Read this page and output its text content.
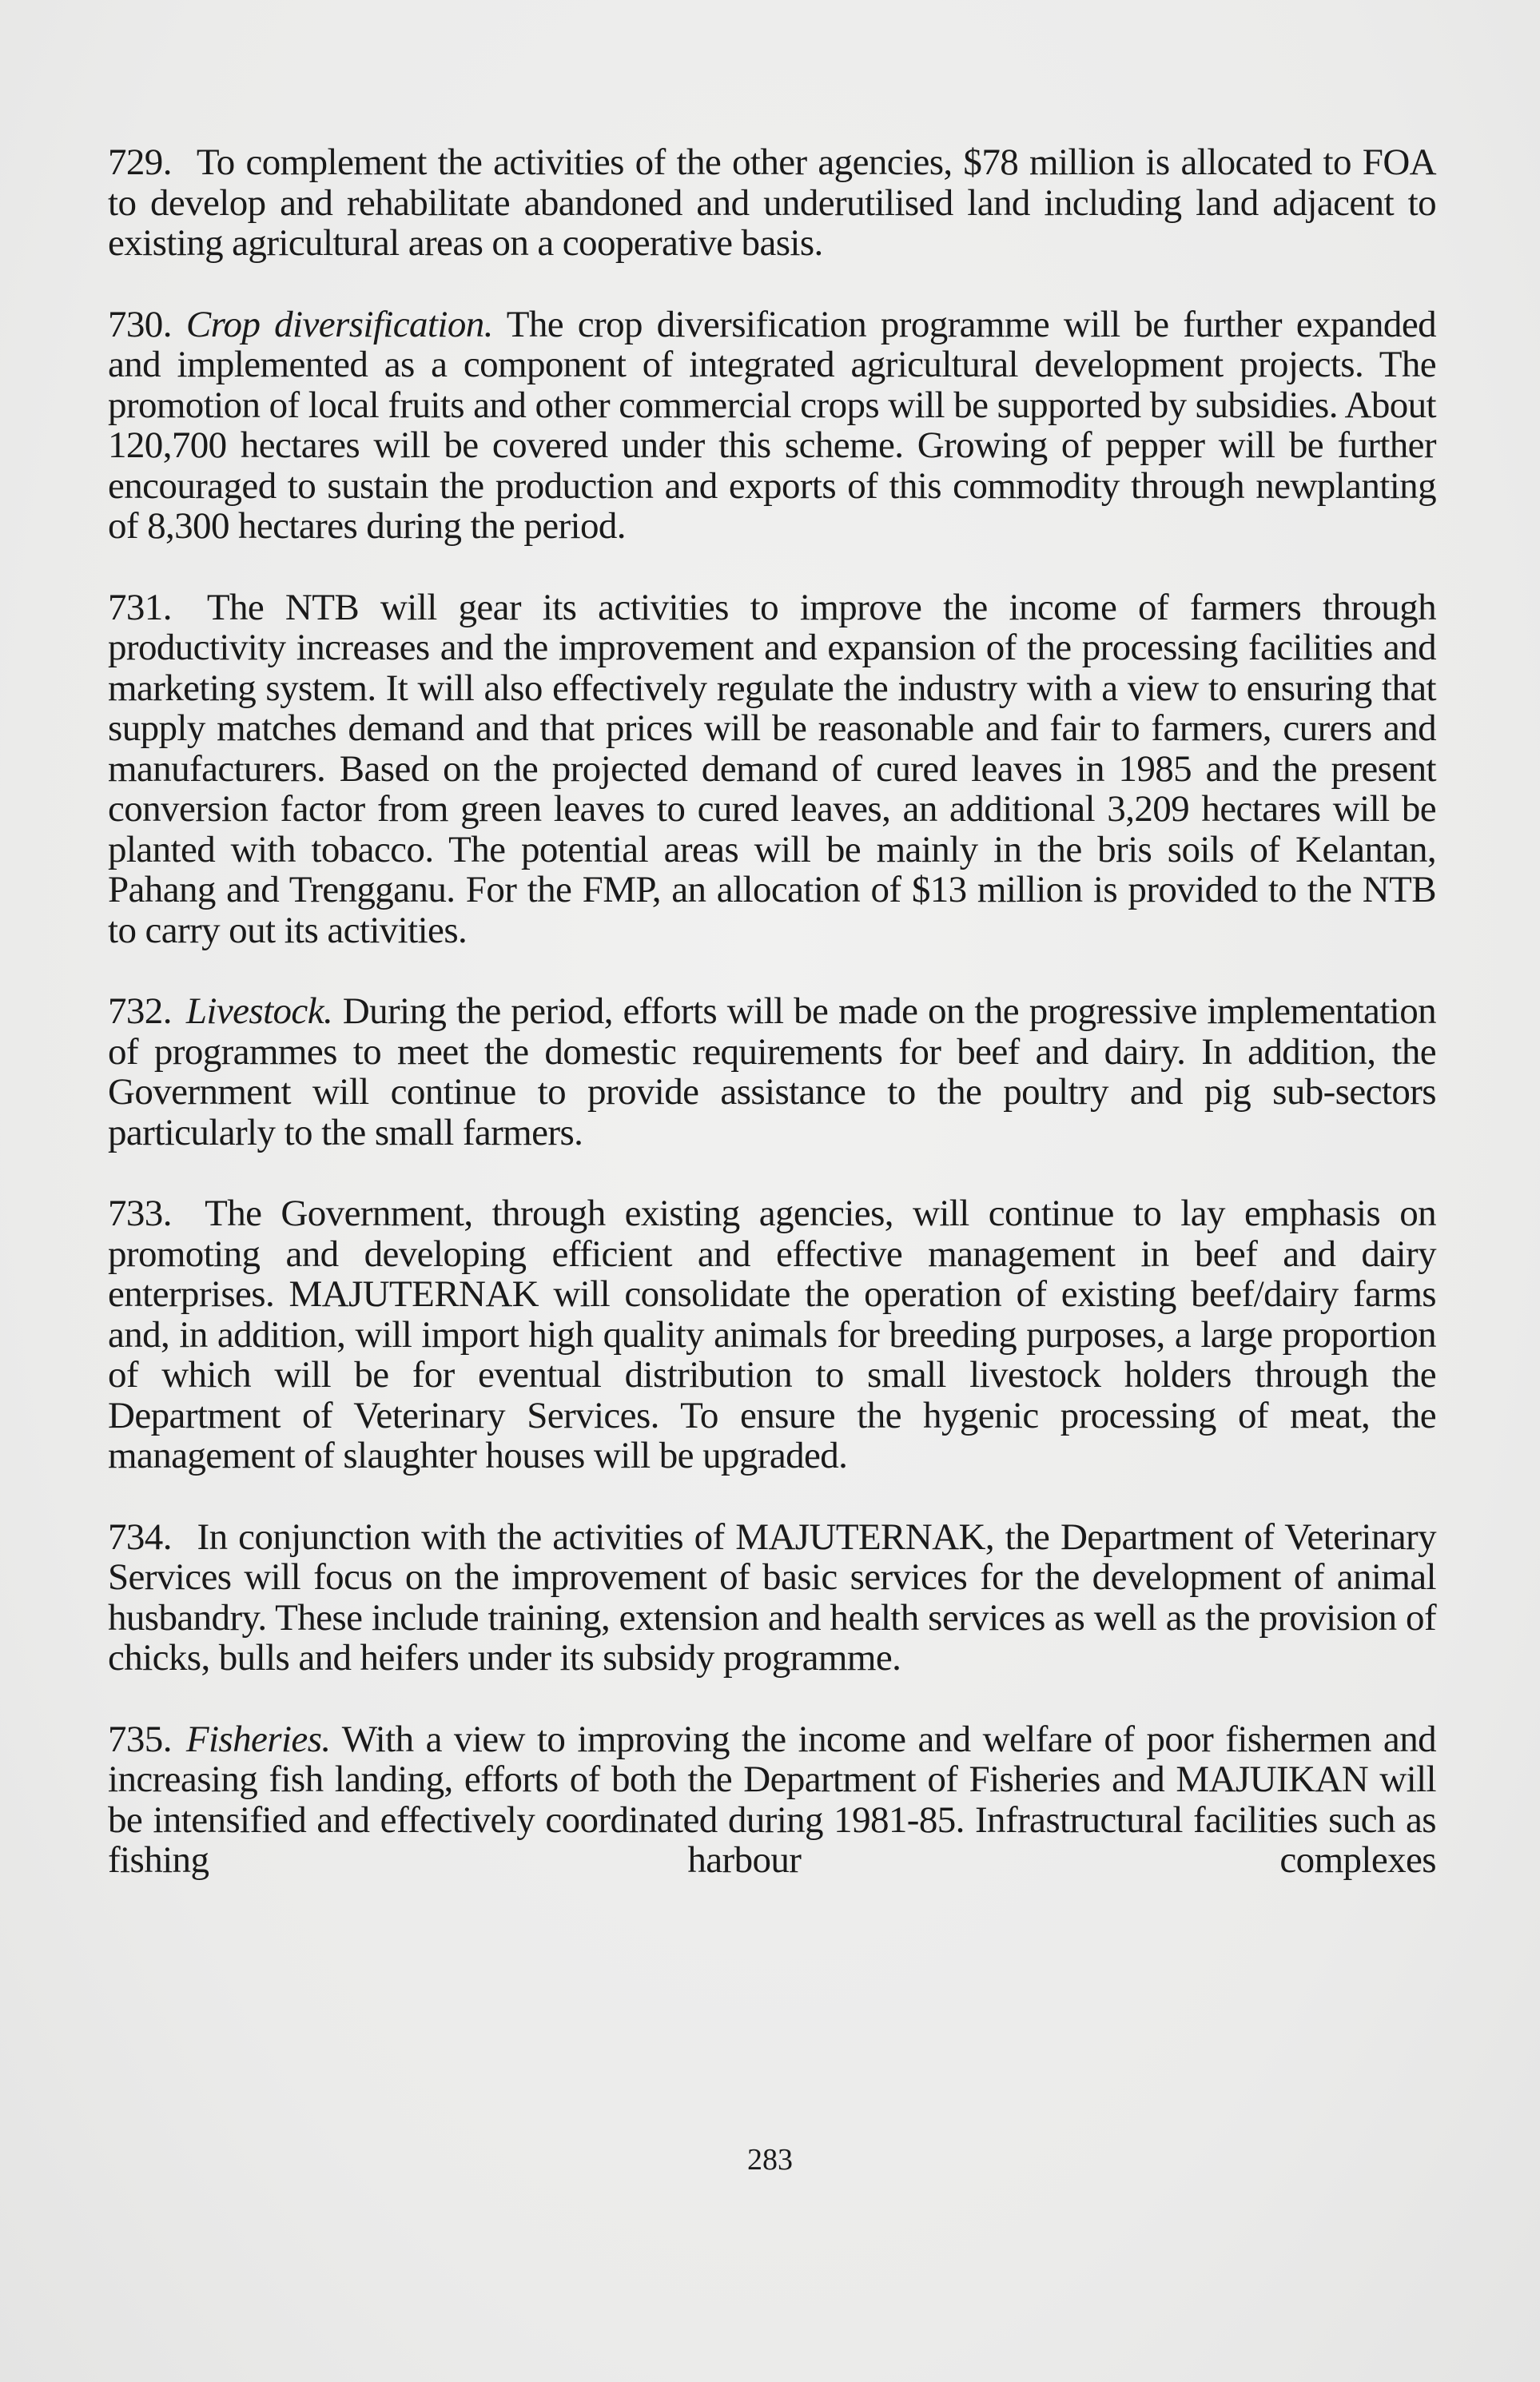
729. To complement the activities of the other agencies, $78 million is allocated to FOA to develop and rehabilitate abandoned and underutilised land including land adjacent to existing agricultural areas on a cooperative basis.

730. Crop diversification. The crop diversification programme will be further expanded and implemented as a component of integrated agricultural development projects. The promotion of local fruits and other commercial crops will be supported by subsidies. About 120,700 hectares will be covered under this scheme. Growing of pepper will be further encouraged to sustain the production and exports of this commodity through newplanting of 8,300 hectares during the period.

731. The NTB will gear its activities to improve the income of farmers through productivity increases and the improvement and expansion of the processing facilities and marketing system. It will also effectively regulate the industry with a view to ensuring that supply matches demand and that prices will be reasonable and fair to farmers, curers and manufacturers. Based on the projected demand of cured leaves in 1985 and the present conversion factor from green leaves to cured leaves, an additional 3,209 hectares will be planted with tobacco. The potential areas will be mainly in the bris soils of Kelantan, Pahang and Trengganu. For the FMP, an allocation of $13 million is provided to the NTB to carry out its activities.

732. Livestock. During the period, efforts will be made on the progressive implementation of programmes to meet the domestic requirements for beef and dairy. In addition, the Government will continue to provide assistance to the poultry and pig sub-sectors particularly to the small farmers.

733. The Government, through existing agencies, will continue to lay emphasis on promoting and developing efficient and effective management in beef and dairy enterprises. MAJUTERNAK will consolidate the operation of existing beef/dairy farms and, in addition, will import high quality animals for breeding purposes, a large proportion of which will be for eventual distribution to small livestock holders through the Department of Veterinary Services. To ensure the hygenic processing of meat, the management of slaughter houses will be upgraded.

734. In conjunction with the activities of MAJUTERNAK, the Department of Veterinary Services will focus on the improvement of basic services for the development of animal husbandry. These include training, extension and health services as well as the provision of chicks, bulls and heifers under its subsidy programme.

735. Fisheries. With a view to improving the income and welfare of poor fishermen and increasing fish landing, efforts of both the Department of Fisheries and MAJUIKAN will be intensified and effectively coordinated during 1981-85. Infrastructural facilities such as fishing harbour complexes

283
